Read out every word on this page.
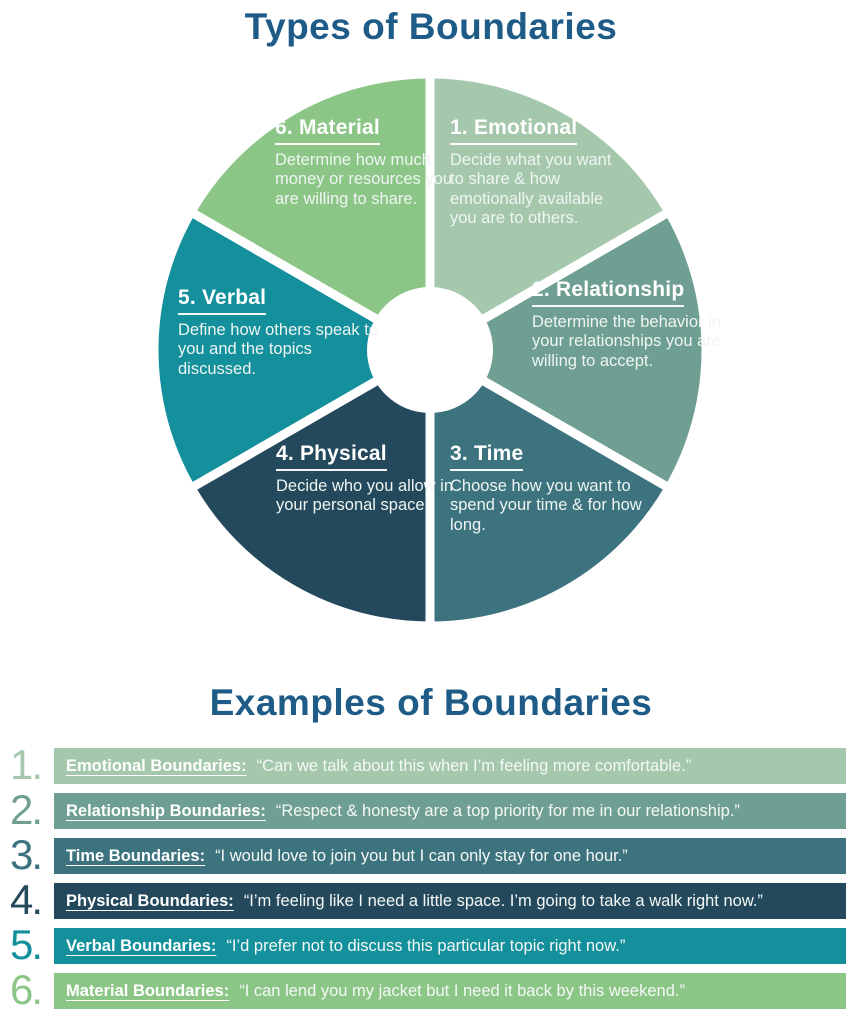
Types of Boundaries
1. Emotional
Decide what you want to share & how emotionally available you are to others.
2. Relationship
Determine the behavior in your relationships you are willing to accept.
3. Time
Choose how you want to spend your time & for how long.
4. Physical
Decide who you allow in your personal space.
5. Verbal
Define how others speak to you and the topics discussed.
6. Material
Determine how much money or resources you are willing to share.
Examples of Boundaries
1.	Emotional Boundaries: “Can we talk about this when I’m feeling more comfortable.”
2.	Relationship Boundaries: “Respect & honesty are a top priority for me in our relationship.”
3.	Time Boundaries: “I would love to join you but I can only stay for one hour.”
4.	Physical Boundaries: “I’m feeling like I need a little space. I’m going to take a walk right now.”
5.	Verbal Boundaries: “I’d prefer not to discuss this particular topic right now.”
6.	Material Boundaries: “I can lend you my jacket but I need it back by this weekend.”
